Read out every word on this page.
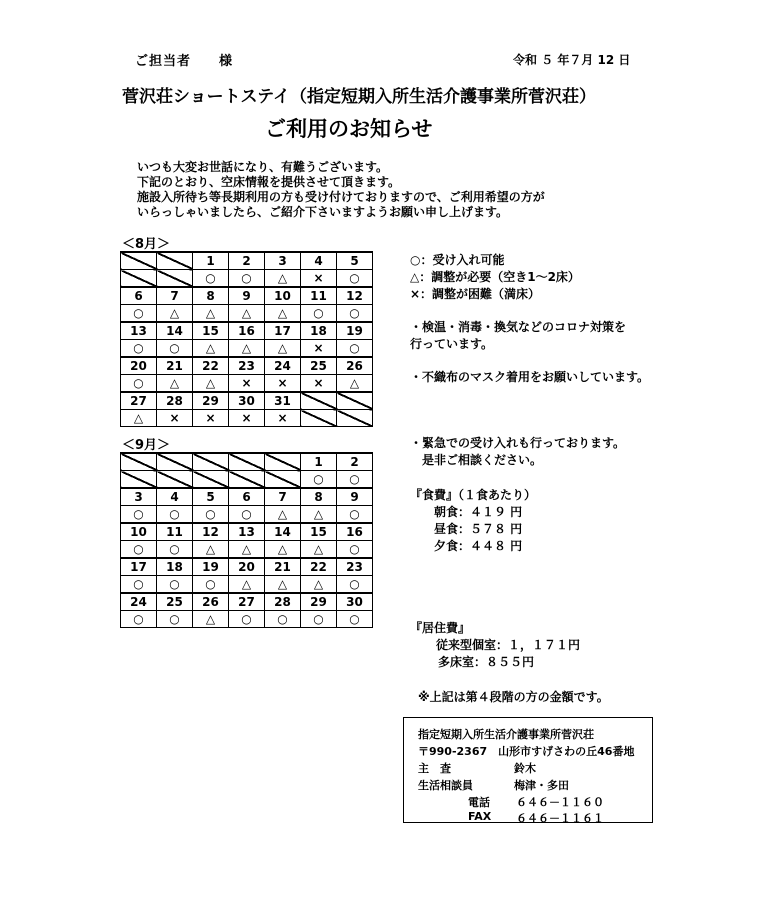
ご担当者　　様	令和 ５ 年７月 12 日
菅沢荘ショートステイ（指定短期入所生活介護事業所菅沢荘）
ご利用のお知らせ
いつも大変お世話になり、有難うございます。
下記のとおり、空床情報を提供させて頂きます。
施設入所待ち等長期利用の方も受け付けておりますので、ご利用希望の方が
いらっしゃいましたら、ご紹介下さいますようお願い申し上げます。
＜8月＞
		1	2	3	4	5
		○	○	△	×	○
6	7	8	9	10	11	12
○	△	△	△	△	○	○
13	14	15	16	17	18	19
○	○	△	△	△	×	○
20	21	22	23	24	25	26
○	△	△	×	×	×	△
27	28	29	30	31		
△	×	×	×	×		
＜9月＞
					1	2
					○	○
3	4	5	6	7	8	9
○	○	○	○	△	△	○
10	11	12	13	14	15	16
○	○	△	△	△	△	○
17	18	19	20	21	22	23
○	○	○	△	△	△	○
24	25	26	27	28	29	30
○	○	△	○	○	○	○
○：受け入れ可能
△：調整が必要（空き1～2床）
×：調整が困難（満床）
・検温・消毒・換気などのコロナ対策を
行っています。
・不織布のマスク着用をお願いしています。
・緊急での受け入れも行っております。
　是非ご相談ください。
『食費』（１食あたり）
朝食：４１９ 円
昼食：５７８ 円
夕食：４４８ 円
『居住費』
従来型個室：１，１７１円
多床室：８５５円
※上記は第４段階の方の金額です。
指定短期入所生活介護事業所菅沢荘
〒990-2367　山形市すげさわの丘46番地
主　査	鈴木
生活相談員	梅津・多田
電話 ６４６－１１６０
FAX ６４６－１１６１
